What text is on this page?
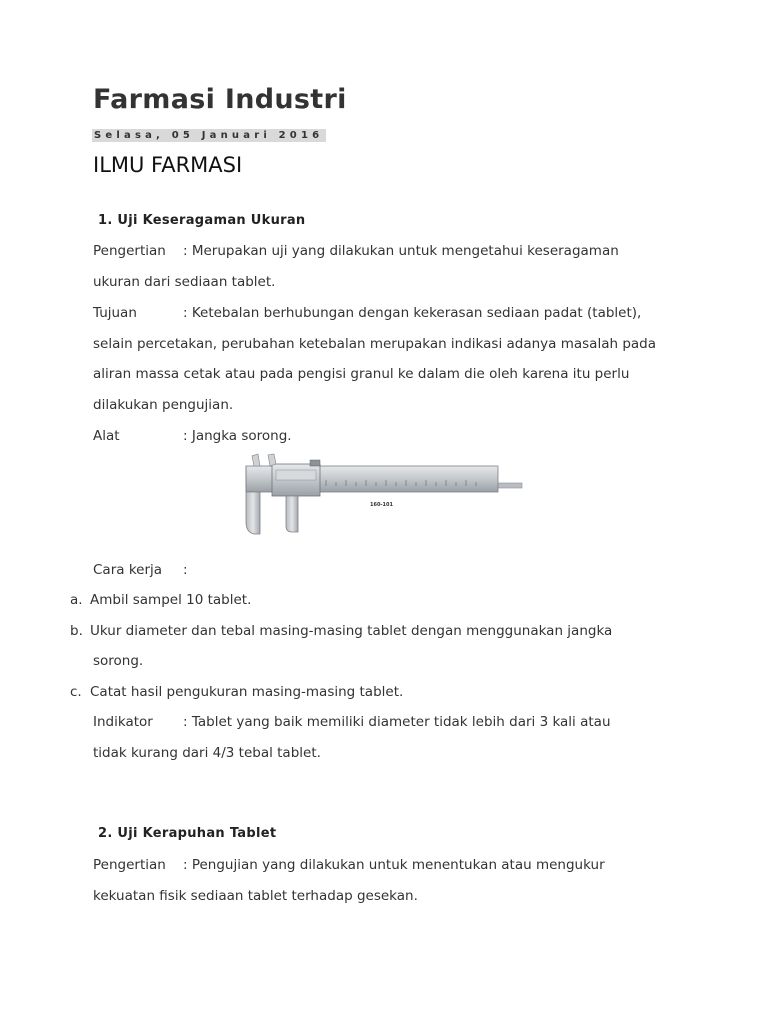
Farmasi Industri
Selasa, 05 Januari 2016
ILMU FARMASI
1. Uji Keseragaman Ukuran
Pengertian : Merupakan uji yang dilakukan untuk mengetahui keseragaman
ukuran dari sediaan tablet.
Tujuan	: Ketebalan berhubungan dengan kekerasan sediaan padat (tablet),
selain percetakan, perubahan ketebalan merupakan indikasi adanya masalah pada
aliran massa cetak atau pada pengisi granul ke dalam die oleh karena itu perlu
dilakukan pengujian.
Alat	: Jangka sorong.
160-101
Cara kerja :
a. Ambil sampel 10 tablet.
b. Ukur diameter dan tebal masing-masing tablet dengan menggunakan jangka
sorong.
c. Catat hasil pengukuran masing-masing tablet.
Indikator : Tablet yang baik memiliki diameter tidak lebih dari 3 kali atau
tidak kurang dari 4/3 tebal tablet.
2. Uji Kerapuhan Tablet
Pengertian : Pengujian yang dilakukan untuk menentukan atau mengukur
kekuatan fisik sediaan tablet terhadap gesekan.
